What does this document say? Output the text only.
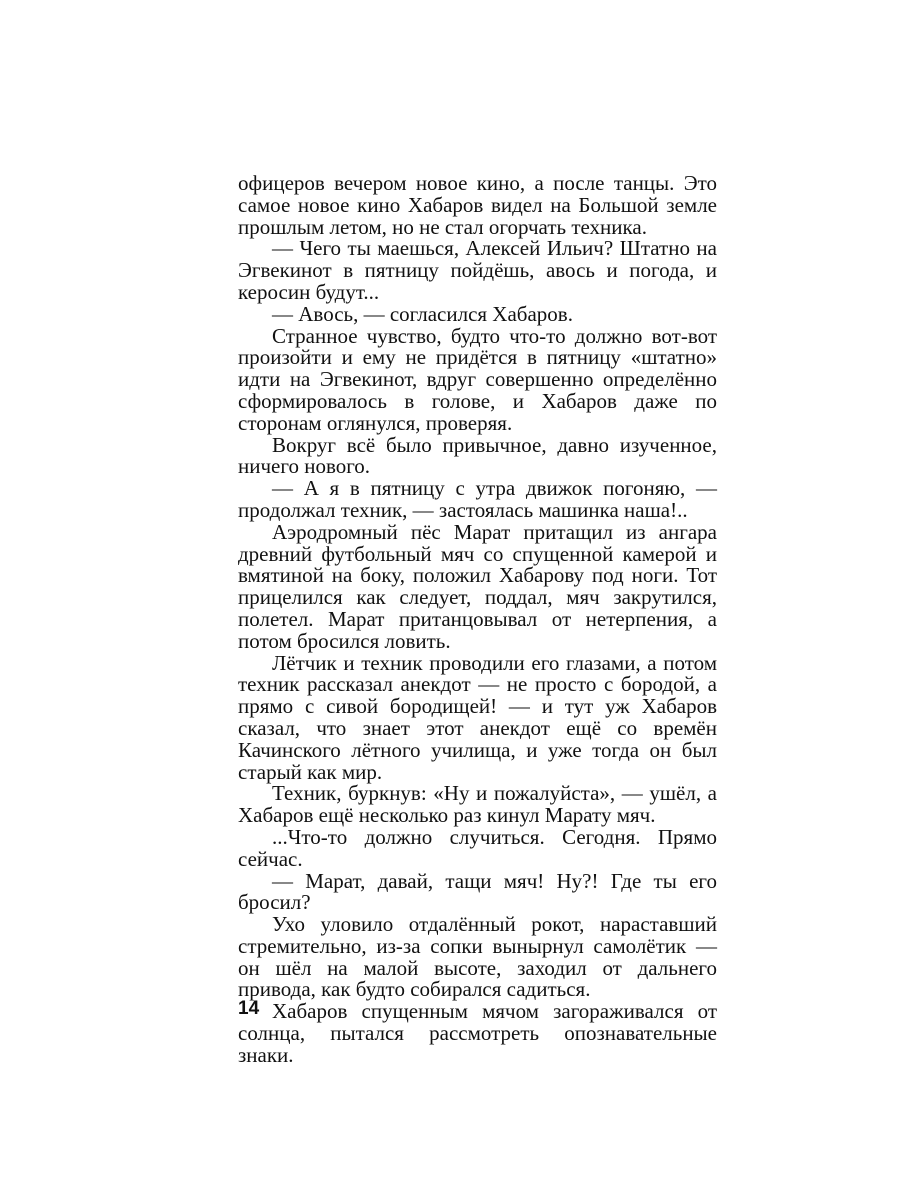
офицеров вечером новое кино, а после танцы. Это самое новое кино Хабаров видел на Большой земле прошлым летом, но не стал огорчать техника.

— Чего ты маешься, Алексей Ильич? Штатно на Эгвекинот в пятницу пойдёшь, авось и погода, и керосин будут...

— Авось, — согласился Хабаров.

Странное чувство, будто что-то должно вот-вот произойти и ему не придётся в пятницу «штатно» идти на Эгвекинот, вдруг совершенно определённо сформировалось в голове, и Хабаров даже по сторонам оглянулся, проверяя.

Вокруг всё было привычное, давно изученное, ничего нового.

— А я в пятницу с утра движок погоняю, — продолжал техник, — застоялась машинка наша!..

Аэродромный пёс Марат притащил из ангара древний футбольный мяч со спущенной камерой и вмятиной на боку, положил Хабарову под ноги. Тот прицелился как следует, поддал, мяч закрутился, полетел. Марат пританцовывал от нетерпения, а потом бросился ловить.

Лётчик и техник проводили его глазами, а потом техник рассказал анекдот — не просто с бородой, а прямо с сивой бородищей! — и тут уж Хабаров сказал, что знает этот анекдот ещё со времён Качинского лётного училища, и уже тогда он был старый как мир.

Техник, буркнув: «Ну и пожалуйста», — ушёл, а Хабаров ещё несколько раз кинул Марату мяч.

...Что-то должно случиться. Сегодня. Прямо сейчас.

— Марат, давай, тащи мяч! Ну?! Где ты его бросил?

Ухо уловило отдалённый рокот, нараставший стремительно, из-за сопки вынырнул самолётик — он шёл на малой высоте, заходил от дальнего привода, как будто собирался садиться.

Хабаров спущенным мячом загораживался от солнца, пытался рассмотреть опознавательные знаки.

14
